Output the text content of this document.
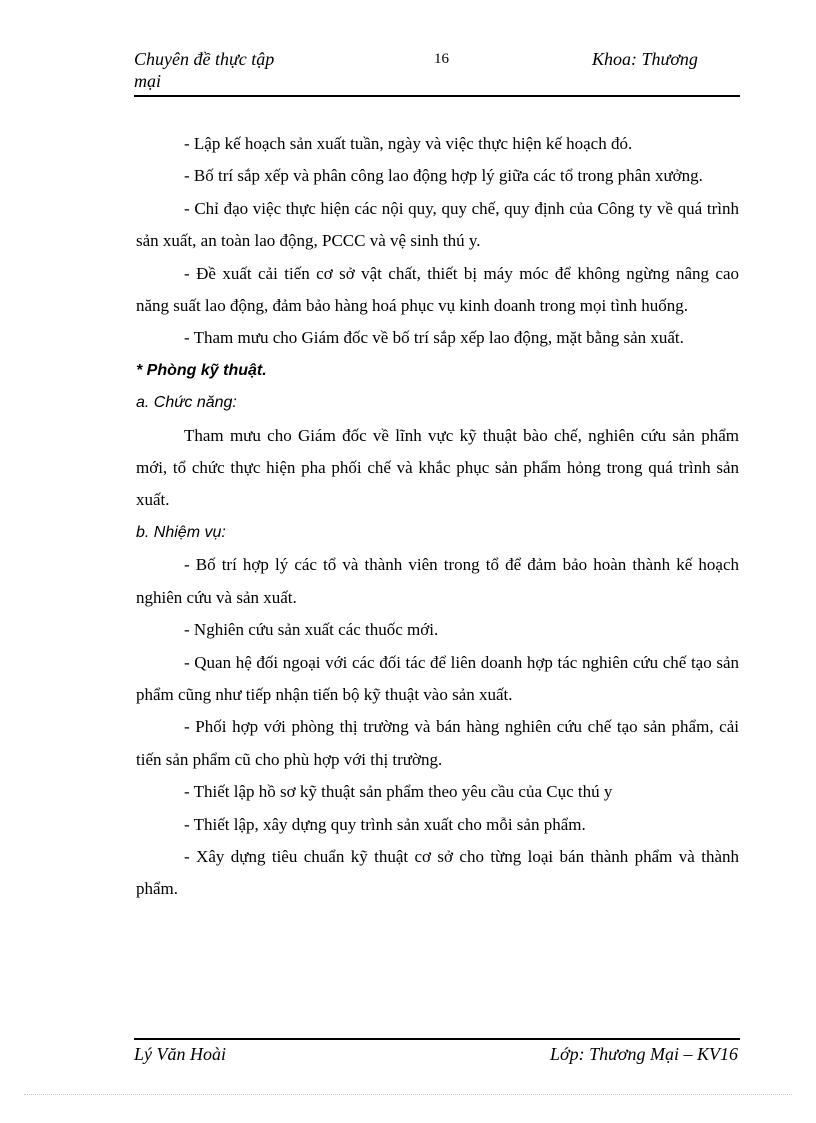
Chuyên đề thực tập mại
16	Khoa: Thương

- Lập kế hoạch sản xuất tuần, ngày và việc thực hiện kế hoạch đó.

- Bố trí sắp xếp và phân công lao động hợp lý giữa các tổ trong phân xưởng.

- Chỉ đạo việc thực hiện các nội quy, quy chế, quy định của Công ty về quá trình sản xuất, an toàn lao động, PCCC và vệ sinh thú y.

- Đề xuất cải tiến cơ sở vật chất, thiết bị máy móc để không ngừng nâng cao năng suất lao động, đảm bảo hàng hoá phục vụ kinh doanh trong mọi tình huống.

- Tham mưu cho Giám đốc về bố trí sắp xếp lao động, mặt bằng sản xuất.

* Phòng kỹ thuật.

a. Chức năng:

Tham mưu cho Giám đốc về lĩnh vực kỹ thuật bào chế, nghiên cứu sản phẩm mới, tổ chức thực hiện pha phối chế và khắc phục sản phẩm hỏng trong quá trình sản xuất.

b. Nhiệm vụ:

- Bố trí hợp lý các tổ và thành viên trong tổ để đảm bảo hoàn thành kế hoạch nghiên cứu và sản xuất.

- Nghiên cứu sản xuất các thuốc mới.

- Quan hệ đối ngoại với các đối tác để liên doanh hợp tác nghiên cứu chế tạo sản phẩm cũng như tiếp nhận tiến bộ kỹ thuật vào sản xuất.

- Phối hợp với phòng thị trường và bán hàng nghiên cứu chế tạo sản phẩm, cải tiến sản phẩm cũ cho phù hợp với thị trường.

- Thiết lập hồ sơ kỹ thuật sản phẩm theo yêu cầu của Cục thú y

- Thiết lập, xây dựng quy trình sản xuất cho mỗi sản phẩm.

- Xây dựng tiêu chuẩn kỹ thuật cơ sở cho từng loại bán thành phẩm và thành phẩm.

Lý Văn Hoài	Lớp: Thương Mại – KV16
